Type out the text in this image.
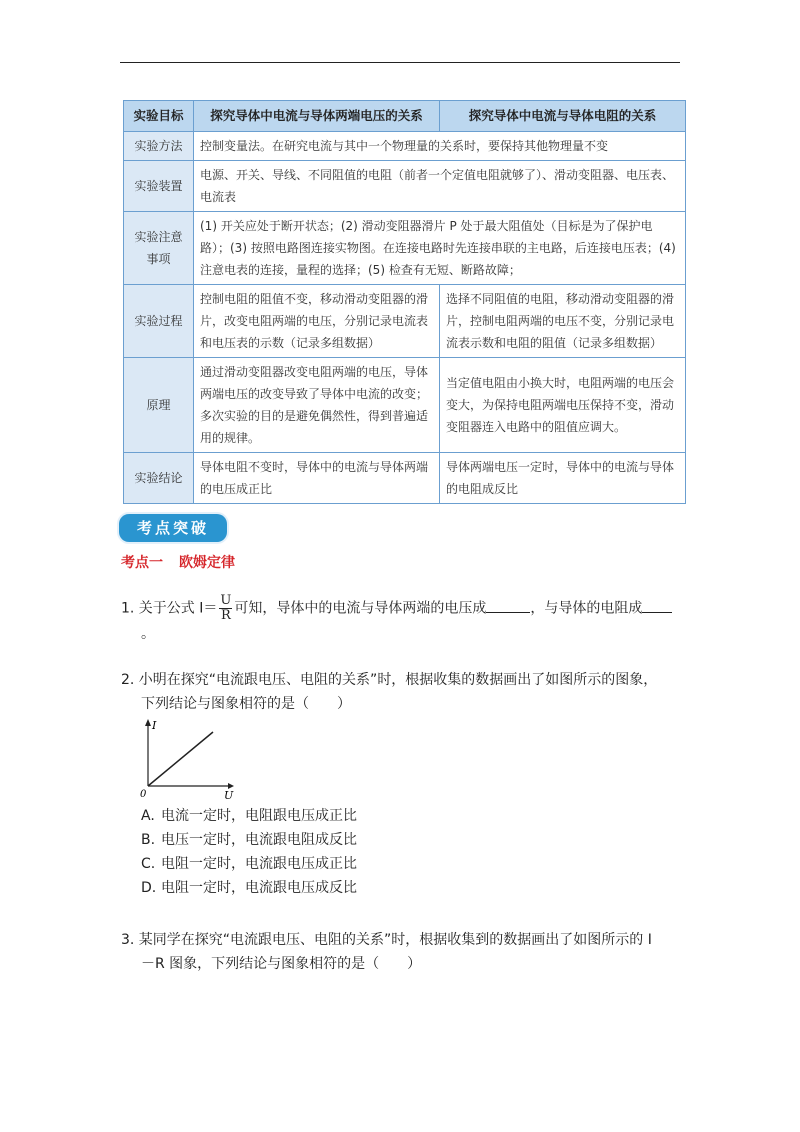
实验目标	探究导体中电流与导体两端电压的关系	探究导体中电流与导体电阻的关系
实验方法	控制变量法。在研究电流与其中一个物理量的关系时，要保持其他物理量不变	
实验装置	电源、开关、导线、不同阻值的电阻（前者一个定值电阻就够了）、滑动变阻器、电压表、电流表	
实验注意事项	(1) 开关应处于断开状态；(2) 滑动变阻器滑片 P 处于最大阻值处（目标是为了保护电路）；(3) 按照电路图连接实物图。在连接电路时先连接串联的主电路，后连接电压表；(4) 注意电表的连接，量程的选择；(5) 检查有无短、断路故障；	
实验过程	控制电阻的阻值不变，移动滑动变阻器的滑片，改变电阻两端的电压，分别记录电流表和电压表的示数（记录多组数据）	选择不同阻值的电阻，移动滑动变阻器的滑片，控制电阻两端的电压不变，分别记录电流表示数和电阻的阻值（记录多组数据）
原理	通过滑动变阻器改变电阻两端的电压，导体两端电压的改变导致了导体中电流的改变；多次实验的目的是避免偶然性，得到普遍适用的规律。	当定值电阻由小换大时，电阻两端的电压会变大，为保持电阻两端电压保持不变，滑动变阻器连入电路中的阻值应调大。
实验结论	导体电阻不变时，导体中的电流与导体两端的电压成正比	导体两端电压一定时，导体中的电流与导体的电阻成反比
考点突破
考点一 欧姆定律
1. 关于公式 $I= \frac{U}{R}$ 可知，导体中的电流与导体两端的电压成	，与导体的电阻成
。
2. 小明在探究“电流跟电压、电阻的关系”时，根据收集的数据画出了如图所示的图象，
下列结论与图象相符的是（　　）
I
U
0
A. 电流一定时，电阻跟电压成正比
B. 电压一定时，电流跟电阻成反比
C. 电阻一定时，电流跟电压成正比
D. 电阻一定时，电流跟电压成反比
3. 某同学在探究“电流跟电压、电阻的关系”时，根据收集到的数据画出了如图所示的 I
－R 图象，下列结论与图象相符的是（　　）
